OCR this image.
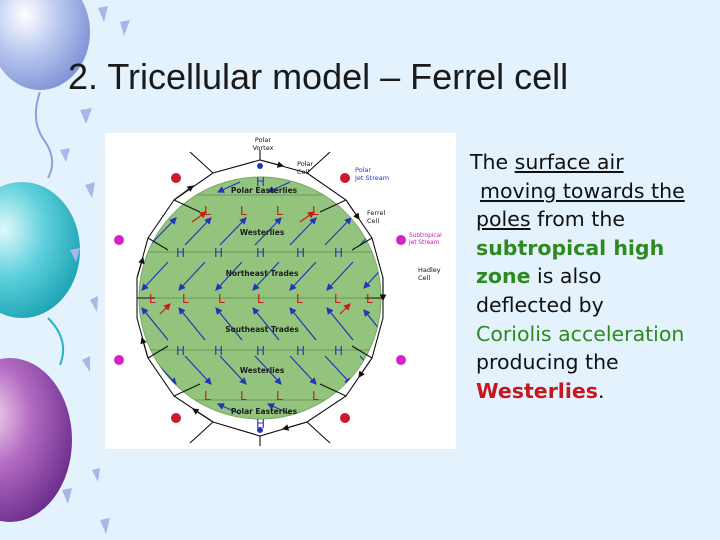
2. Tricellular model – Ferrel cell
H
L L L L
H H	H	H H
L L L	L	L	L L
H H	H	H H
L L L L
H
Polar Easterlies
Westerlies
Northeast Trades
Southeast Trades
Westerlies
Polar Easterlies
Polar Vortex
Polar Cell	Polar Jet Stream
Ferrel Cell
Subtropical Jet Stream
Hadley Cell
The surface air
moving towards the
poles from the
subtropical high
zone is also
deflected by
Coriolis acceleration
producing the
Westerlies.
